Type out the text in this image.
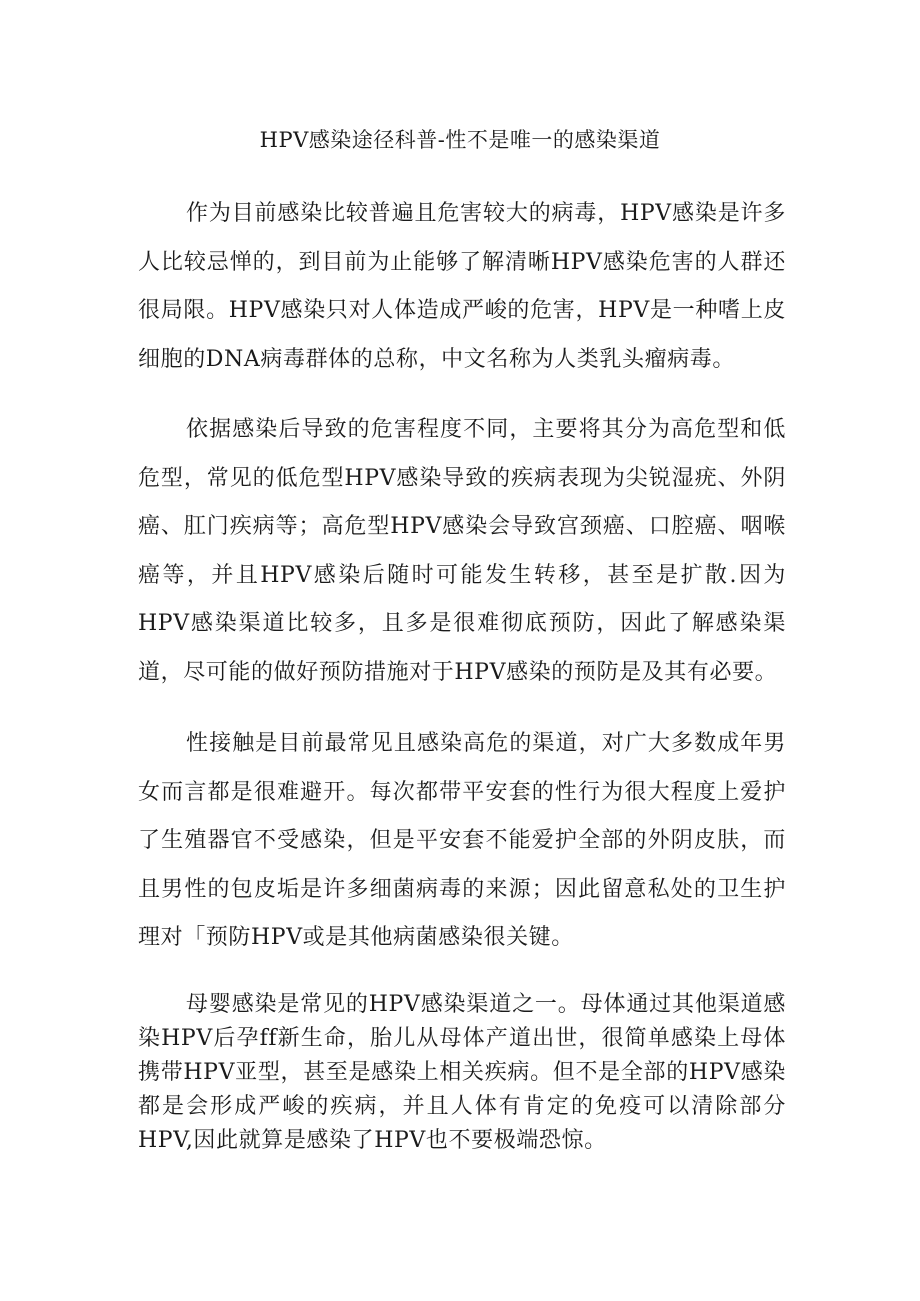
HPV感染途径科普-性不是唯一的感染渠道

作为目前感染比较普遍且危害较大的病毒，HPV感染是许多人比较忌惮的，到目前为止能够了解清晰HPV感染危害的人群还很局限。HPV感染只对人体造成严峻的危害，HPV是一种嗜上皮细胞的DNA病毒群体的总称，中文名称为人类乳头瘤病毒。

依据感染后导致的危害程度不同，主要将其分为高危型和低危型，常见的低危型HPV感染导致的疾病表现为尖锐湿疣、外阴癌、肛门疾病等；高危型HPV感染会导致宫颈癌、口腔癌、咽喉癌等，并且HPV感染后随时可能发生转移，甚至是扩散.因为HPV感染渠道比较多，且多是很难彻底预防，因此了解感染渠道，尽可能的做好预防措施对于HPV感染的预防是及其有必要。

性接触是目前最常见且感染高危的渠道，对广大多数成年男女而言都是很难避开。每次都带平安套的性行为很大程度上爱护了生殖器官不受感染，但是平安套不能爱护全部的外阴皮肤，而且男性的包皮垢是许多细菌病毒的来源；因此留意私处的卫生护理对「预防HPV或是其他病菌感染很关键。

母婴感染是常见的HPV感染渠道之一。母体通过其他渠道感染HPV后孕ff新生命，胎儿从母体产道出世，很简单感染上母体携带HPV亚型，甚至是感染上相关疾病。但不是全部的HPV感染都是会形成严峻的疾病，并且人体有肯定的免疫可以清除部分HPV,因此就算是感染了HPV也不要极端恐惊。
